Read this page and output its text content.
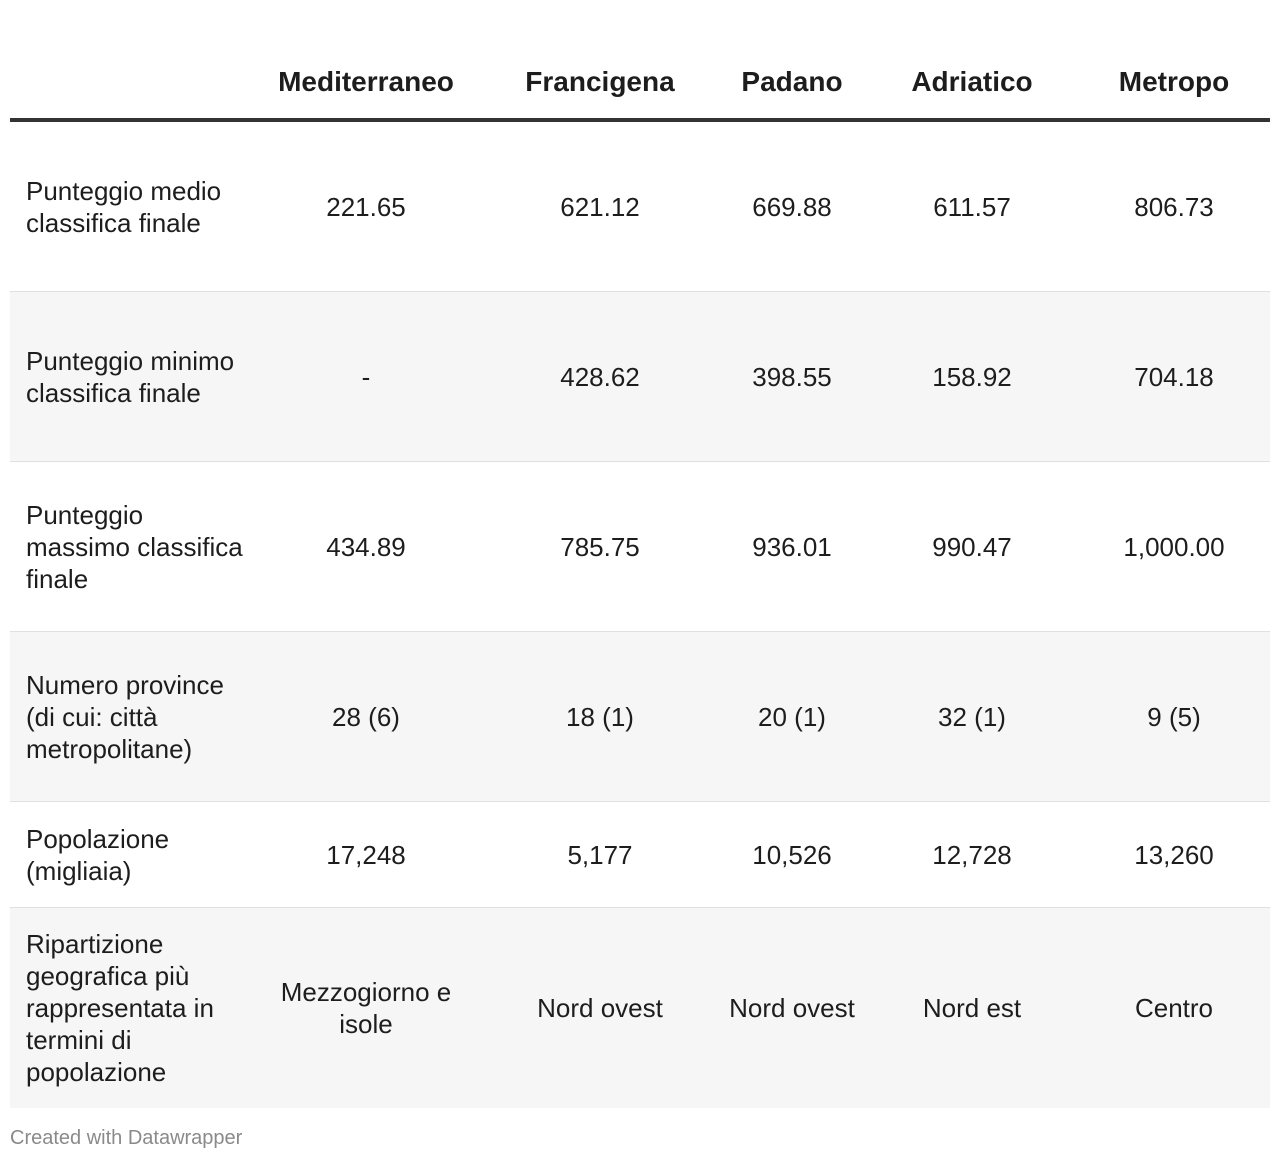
	Mediterraneo	Francigena	Padano	Adriatico	Metropo
Punteggio medio classifica finale	221.65	621.12	669.88	611.57	806.73
Punteggio minimo classifica finale	-	428.62	398.55	158.92	704.18
Punteggio massimo classifica finale	434.89	785.75	936.01	990.47	1,000.00
Numero province (di cui: città metropolitane)	28 (6)	18 (1)	20 (1)	32 (1)	9 (5)
Popolazione (migliaia)	17,248	5,177	10,526	12,728	13,260
Ripartizione geografica più rappresentata in termini di popolazione	Mezzogiorno e isole	Nord ovest	Nord ovest	Nord est	Centro
Created with Datawrapper
